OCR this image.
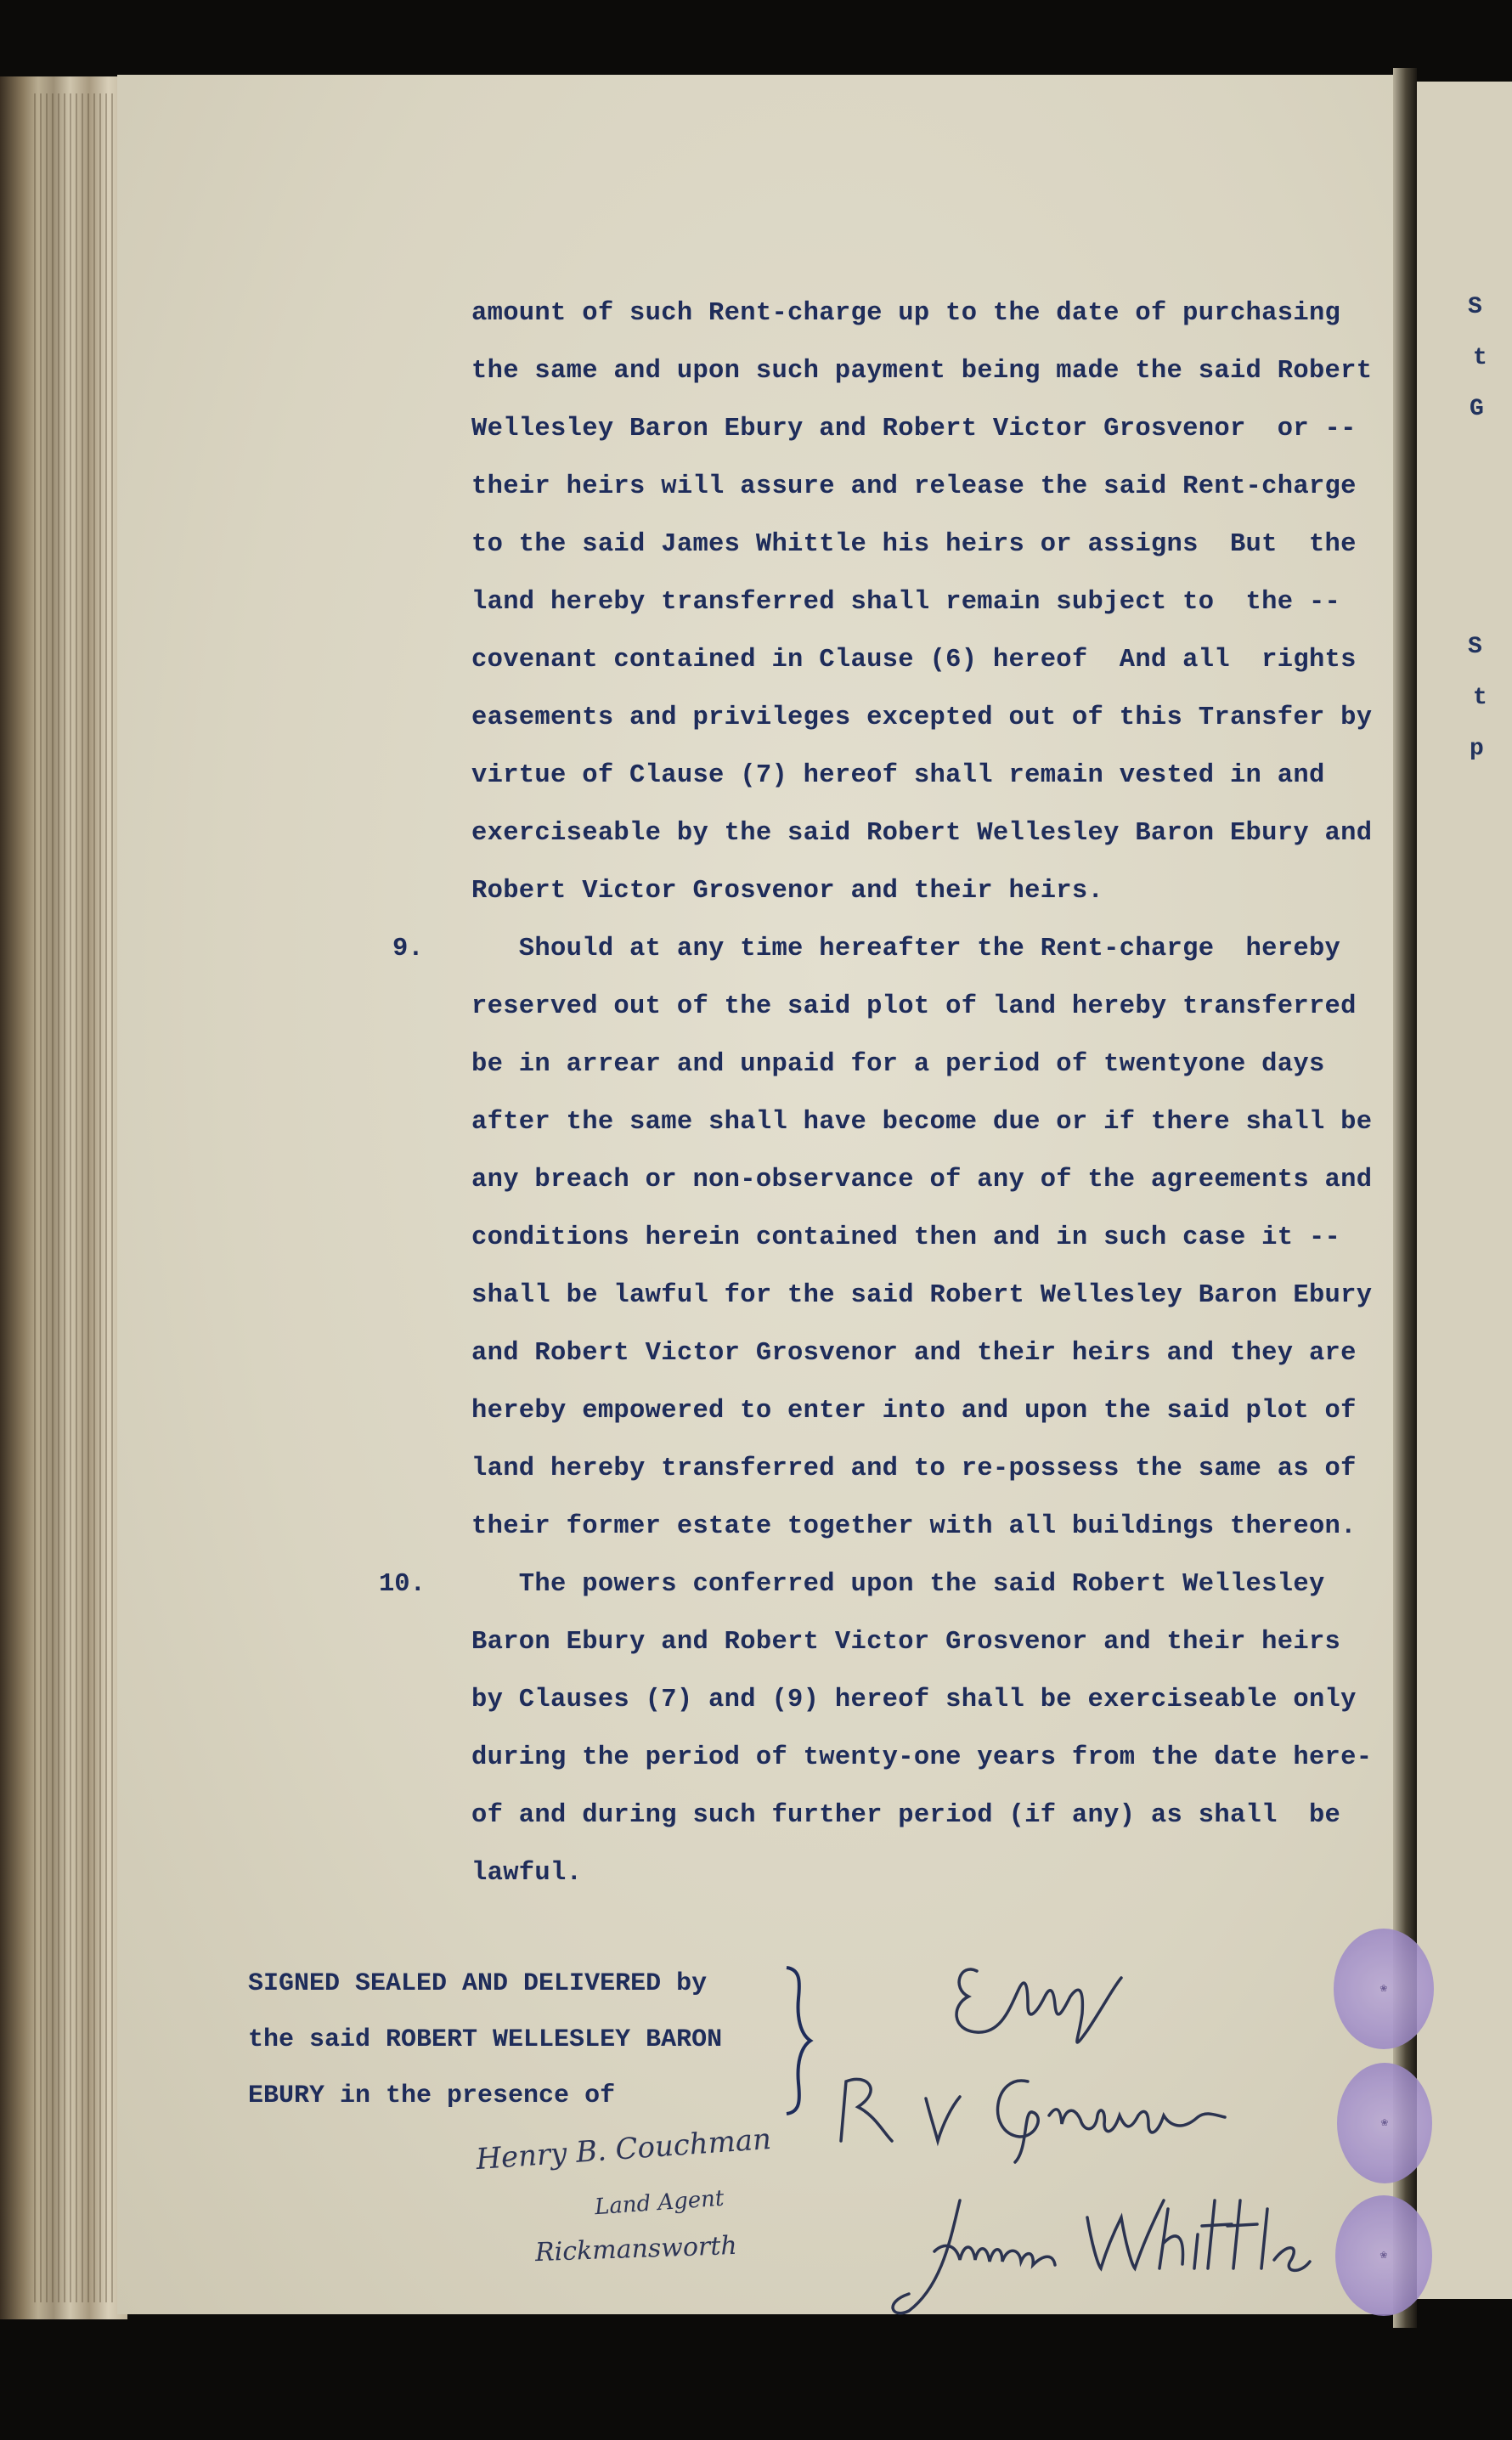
S
t
G
S
t
p
amount of such Rent-charge up to the date of purchasing
the same and upon such payment being made the said Robert
Wellesley Baron Ebury and Robert Victor Grosvenor  or --
their heirs will assure and release the said Rent-charge
to the said James Whittle his heirs or assigns  But  the
land hereby transferred shall remain subject to  the --
covenant contained in Clause (6) hereof  And all  rights
easements and privileges excepted out of this Transfer by
virtue of Clause (7) hereof shall remain vested in and
exerciseable by the said Robert Wellesley Baron Ebury and
Robert Victor Grosvenor and their heirs.
9. Should at any time hereafter the Rent-charge  hereby
reserved out of the said plot of land hereby transferred
be in arrear and unpaid for a period of twentyone days
after the same shall have become due or if there shall be
any breach or non-observance of any of the agreements and
conditions herein contained then and in such case it --
shall be lawful for the said Robert Wellesley Baron Ebury
and Robert Victor Grosvenor and their heirs and they are
hereby empowered to enter into and upon the said plot of
land hereby transferred and to re-possess the same as of
their former estate together with all buildings thereon.
10. The powers conferred upon the said Robert Wellesley
Baron Ebury and Robert Victor Grosvenor and their heirs
by Clauses (7) and (9) hereof shall be exerciseable only
during the period of twenty-one years from the date here-
of and during such further period (if any) as shall  be
lawful.
SIGNED SEALED AND DELIVERED by
the said ROBERT WELLESLEY BARON
EBURY in the presence of
Henry B. Couchman
Land Agent
Rickmansworth
❀
❀
❀
